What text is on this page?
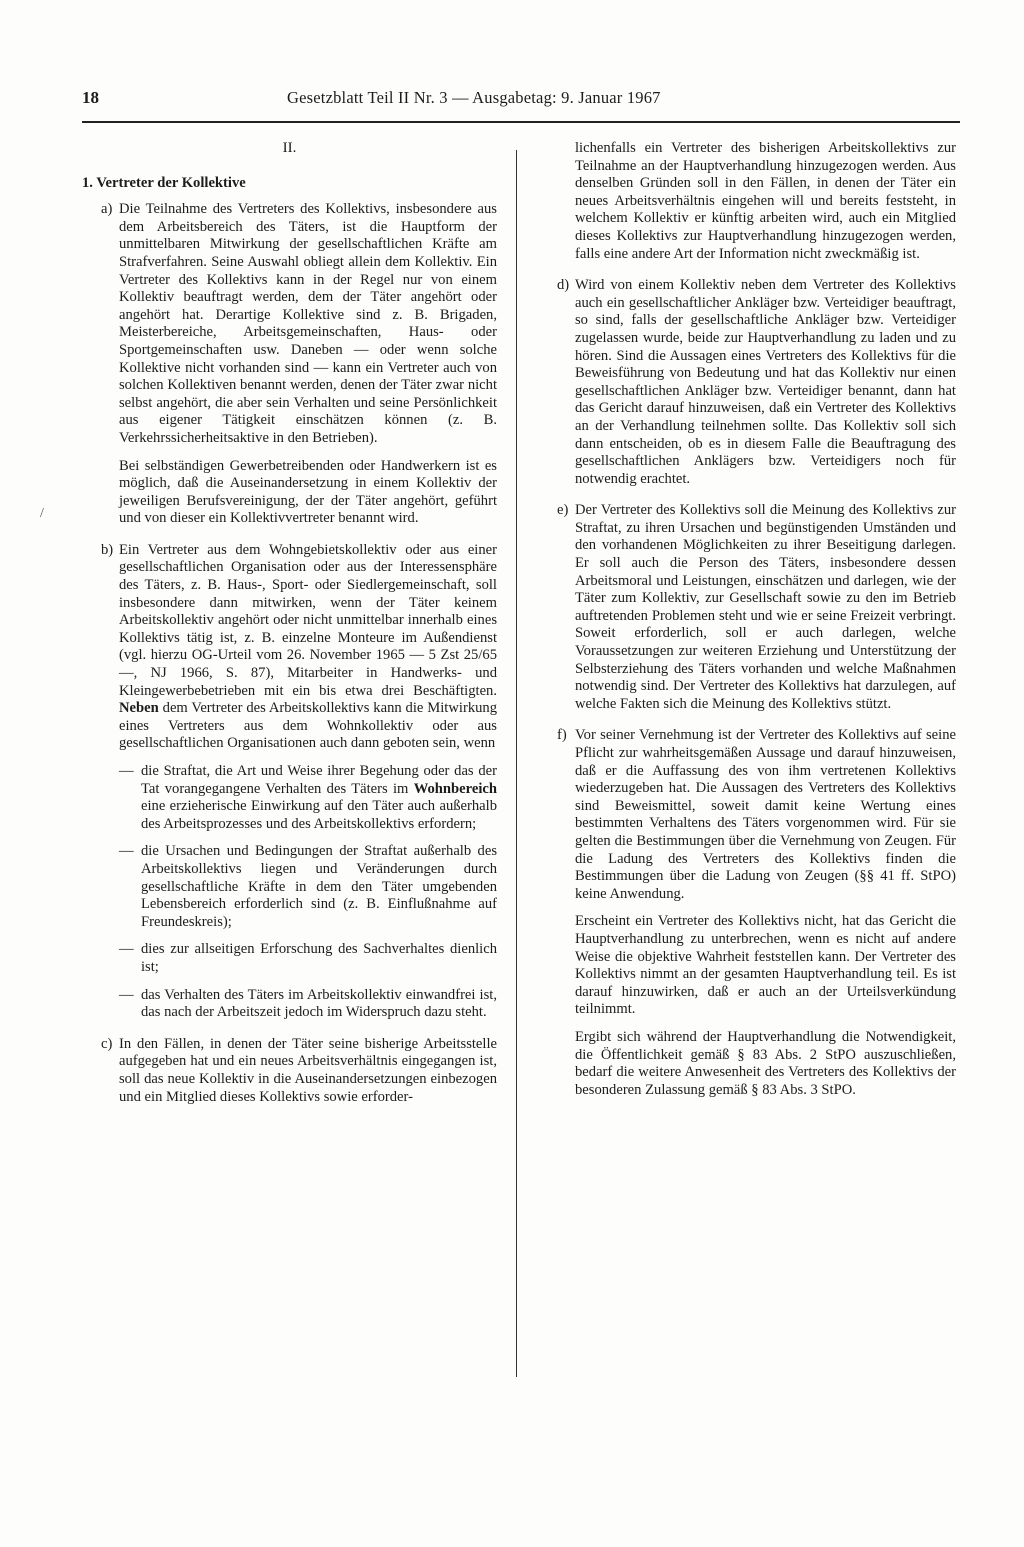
18	Gesetzblatt Teil II Nr. 3 — Ausgabetag: 9. Januar 1967
/
II.
1. Vertreter der Kollektive
a) Die Teilnahme des Vertreters des Kollektivs, insbesondere aus dem Arbeitsbereich des Täters, ist die Hauptform der unmittelbaren Mitwirkung der gesellschaftlichen Kräfte am Strafverfahren. Seine Auswahl obliegt allein dem Kollektiv. Ein Vertreter des Kollektivs kann in der Regel nur von einem Kollektiv beauftragt werden, dem der Täter angehört oder angehört hat. Derartige Kollektive sind z. B. Brigaden, Meisterbereiche, Arbeitsgemeinschaften, Haus- oder Sportgemeinschaften usw. Daneben — oder wenn solche Kollektive nicht vorhanden sind — kann ein Vertreter auch von solchen Kollektiven benannt werden, denen der Täter zwar nicht selbst angehört, die aber sein Verhalten und seine Persönlichkeit aus eigener Tätigkeit einschätzen können (z. B. Verkehrssicherheitsaktive in den Betrieben).

Bei selbständigen Gewerbetreibenden oder Handwerkern ist es möglich, daß die Auseinandersetzung in einem Kollektiv der jeweiligen Berufsvereinigung, der der Täter angehört, geführt und von dieser ein Kollektivvertreter benannt wird.

b) Ein Vertreter aus dem Wohngebietskollektiv oder aus einer gesellschaftlichen Organisation oder aus der Interessensphäre des Täters, z. B. Haus-, Sport- oder Siedlergemeinschaft, soll insbesondere dann mitwirken, wenn der Täter keinem Arbeitskollektiv angehört oder nicht unmittelbar innerhalb eines Kollektivs tätig ist, z. B. einzelne Monteure im Außendienst (vgl. hierzu OG-Urteil vom 26. November 1965 — 5 Zst 25/65 —, NJ 1966, S. 87), Mitarbeiter in Handwerks- und Kleingewerbebetrieben mit ein bis etwa drei Beschäftigten. Neben dem Vertreter des Arbeitskollektivs kann die Mitwirkung eines Vertreters aus dem Wohnkollektiv oder aus gesellschaftlichen Organisationen auch dann geboten sein, wenn

— die Straftat, die Art und Weise ihrer Begehung oder das der Tat vorangegangene Verhalten des Täters im Wohnbereich eine erzieherische Einwirkung auf den Täter auch außerhalb des Arbeitsprozesses und des Arbeitskollektivs erfordern;

— die Ursachen und Bedingungen der Straftat außerhalb des Arbeitskollektivs liegen und Veränderungen durch gesellschaftliche Kräfte in dem den Täter umgebenden Lebensbereich erforderlich sind (z. B. Einflußnahme auf Freundeskreis);

— dies zur allseitigen Erforschung des Sachverhaltes dienlich ist;

— das Verhalten des Täters im Arbeitskollektiv einwandfrei ist, das nach der Arbeitszeit jedoch im Widerspruch dazu steht.

c) In den Fällen, in denen der Täter seine bisherige Arbeitsstelle aufgegeben hat und ein neues Arbeitsverhältnis eingegangen ist, soll das neue Kollektiv in die Auseinandersetzungen einbezogen und ein Mitglied dieses Kollektivs sowie erforder-

lichenfalls ein Vertreter des bisherigen Arbeitskollektivs zur Teilnahme an der Hauptverhandlung hinzugezogen werden. Aus denselben Gründen soll in den Fällen, in denen der Täter ein neues Arbeitsverhältnis eingehen will und bereits feststeht, in welchem Kollektiv er künftig arbeiten wird, auch ein Mitglied dieses Kollektivs zur Hauptverhandlung hinzugezogen werden, falls eine andere Art der Information nicht zweckmäßig ist.

d) Wird von einem Kollektiv neben dem Vertreter des Kollektivs auch ein gesellschaftlicher Ankläger bzw. Verteidiger beauftragt, so sind, falls der gesellschaftliche Ankläger bzw. Verteidiger zugelassen wurde, beide zur Hauptverhandlung zu laden und zu hören. Sind die Aussagen eines Vertreters des Kollektivs für die Beweisführung von Bedeutung und hat das Kollektiv nur einen gesellschaftlichen Ankläger bzw. Verteidiger benannt, dann hat das Gericht darauf hinzuweisen, daß ein Vertreter des Kollektivs an der Verhandlung teilnehmen sollte. Das Kollektiv soll sich dann entscheiden, ob es in diesem Falle die Beauftragung des gesellschaftlichen Anklägers bzw. Verteidigers noch für notwendig erachtet.

e) Der Vertreter des Kollektivs soll die Meinung des Kollektivs zur Straftat, zu ihren Ursachen und begünstigenden Umständen und den vorhandenen Möglichkeiten zu ihrer Beseitigung darlegen. Er soll auch die Person des Täters, insbesondere dessen Arbeitsmoral und Leistungen, einschätzen und darlegen, wie der Täter zum Kollektiv, zur Gesellschaft sowie zu den im Betrieb auftretenden Problemen steht und wie er seine Freizeit verbringt. Soweit erforderlich, soll er auch darlegen, welche Voraussetzungen zur weiteren Erziehung und Unterstützung der Selbsterziehung des Täters vorhanden und welche Maßnahmen notwendig sind. Der Vertreter des Kollektivs hat darzulegen, auf welche Fakten sich die Meinung des Kollektivs stützt.

f) Vor seiner Vernehmung ist der Vertreter des Kollektivs auf seine Pflicht zur wahrheitsgemäßen Aussage und darauf hinzuweisen, daß er die Auffassung des von ihm vertretenen Kollektivs wiederzugeben hat. Die Aussagen des Vertreters des Kollektivs sind Beweismittel, soweit damit keine Wertung eines bestimmten Verhaltens des Täters vorgenommen wird. Für sie gelten die Bestimmungen über die Vernehmung von Zeugen. Für die Ladung des Vertreters des Kollektivs finden die Bestimmungen über die Ladung von Zeugen (§§ 41 ff. StPO) keine Anwendung.

Erscheint ein Vertreter des Kollektivs nicht, hat das Gericht die Hauptverhandlung zu unterbrechen, wenn es nicht auf andere Weise die objektive Wahrheit feststellen kann. Der Vertreter des Kollektivs nimmt an der gesamten Hauptverhandlung teil. Es ist darauf hinzuwirken, daß er auch an der Urteilsverkündung teilnimmt.

Ergibt sich während der Hauptverhandlung die Notwendigkeit, die Öffentlichkeit gemäß § 83 Abs. 2 StPO auszuschließen, bedarf die weitere Anwesenheit des Vertreters des Kollektivs der besonderen Zulassung gemäß § 83 Abs. 3 StPO.
